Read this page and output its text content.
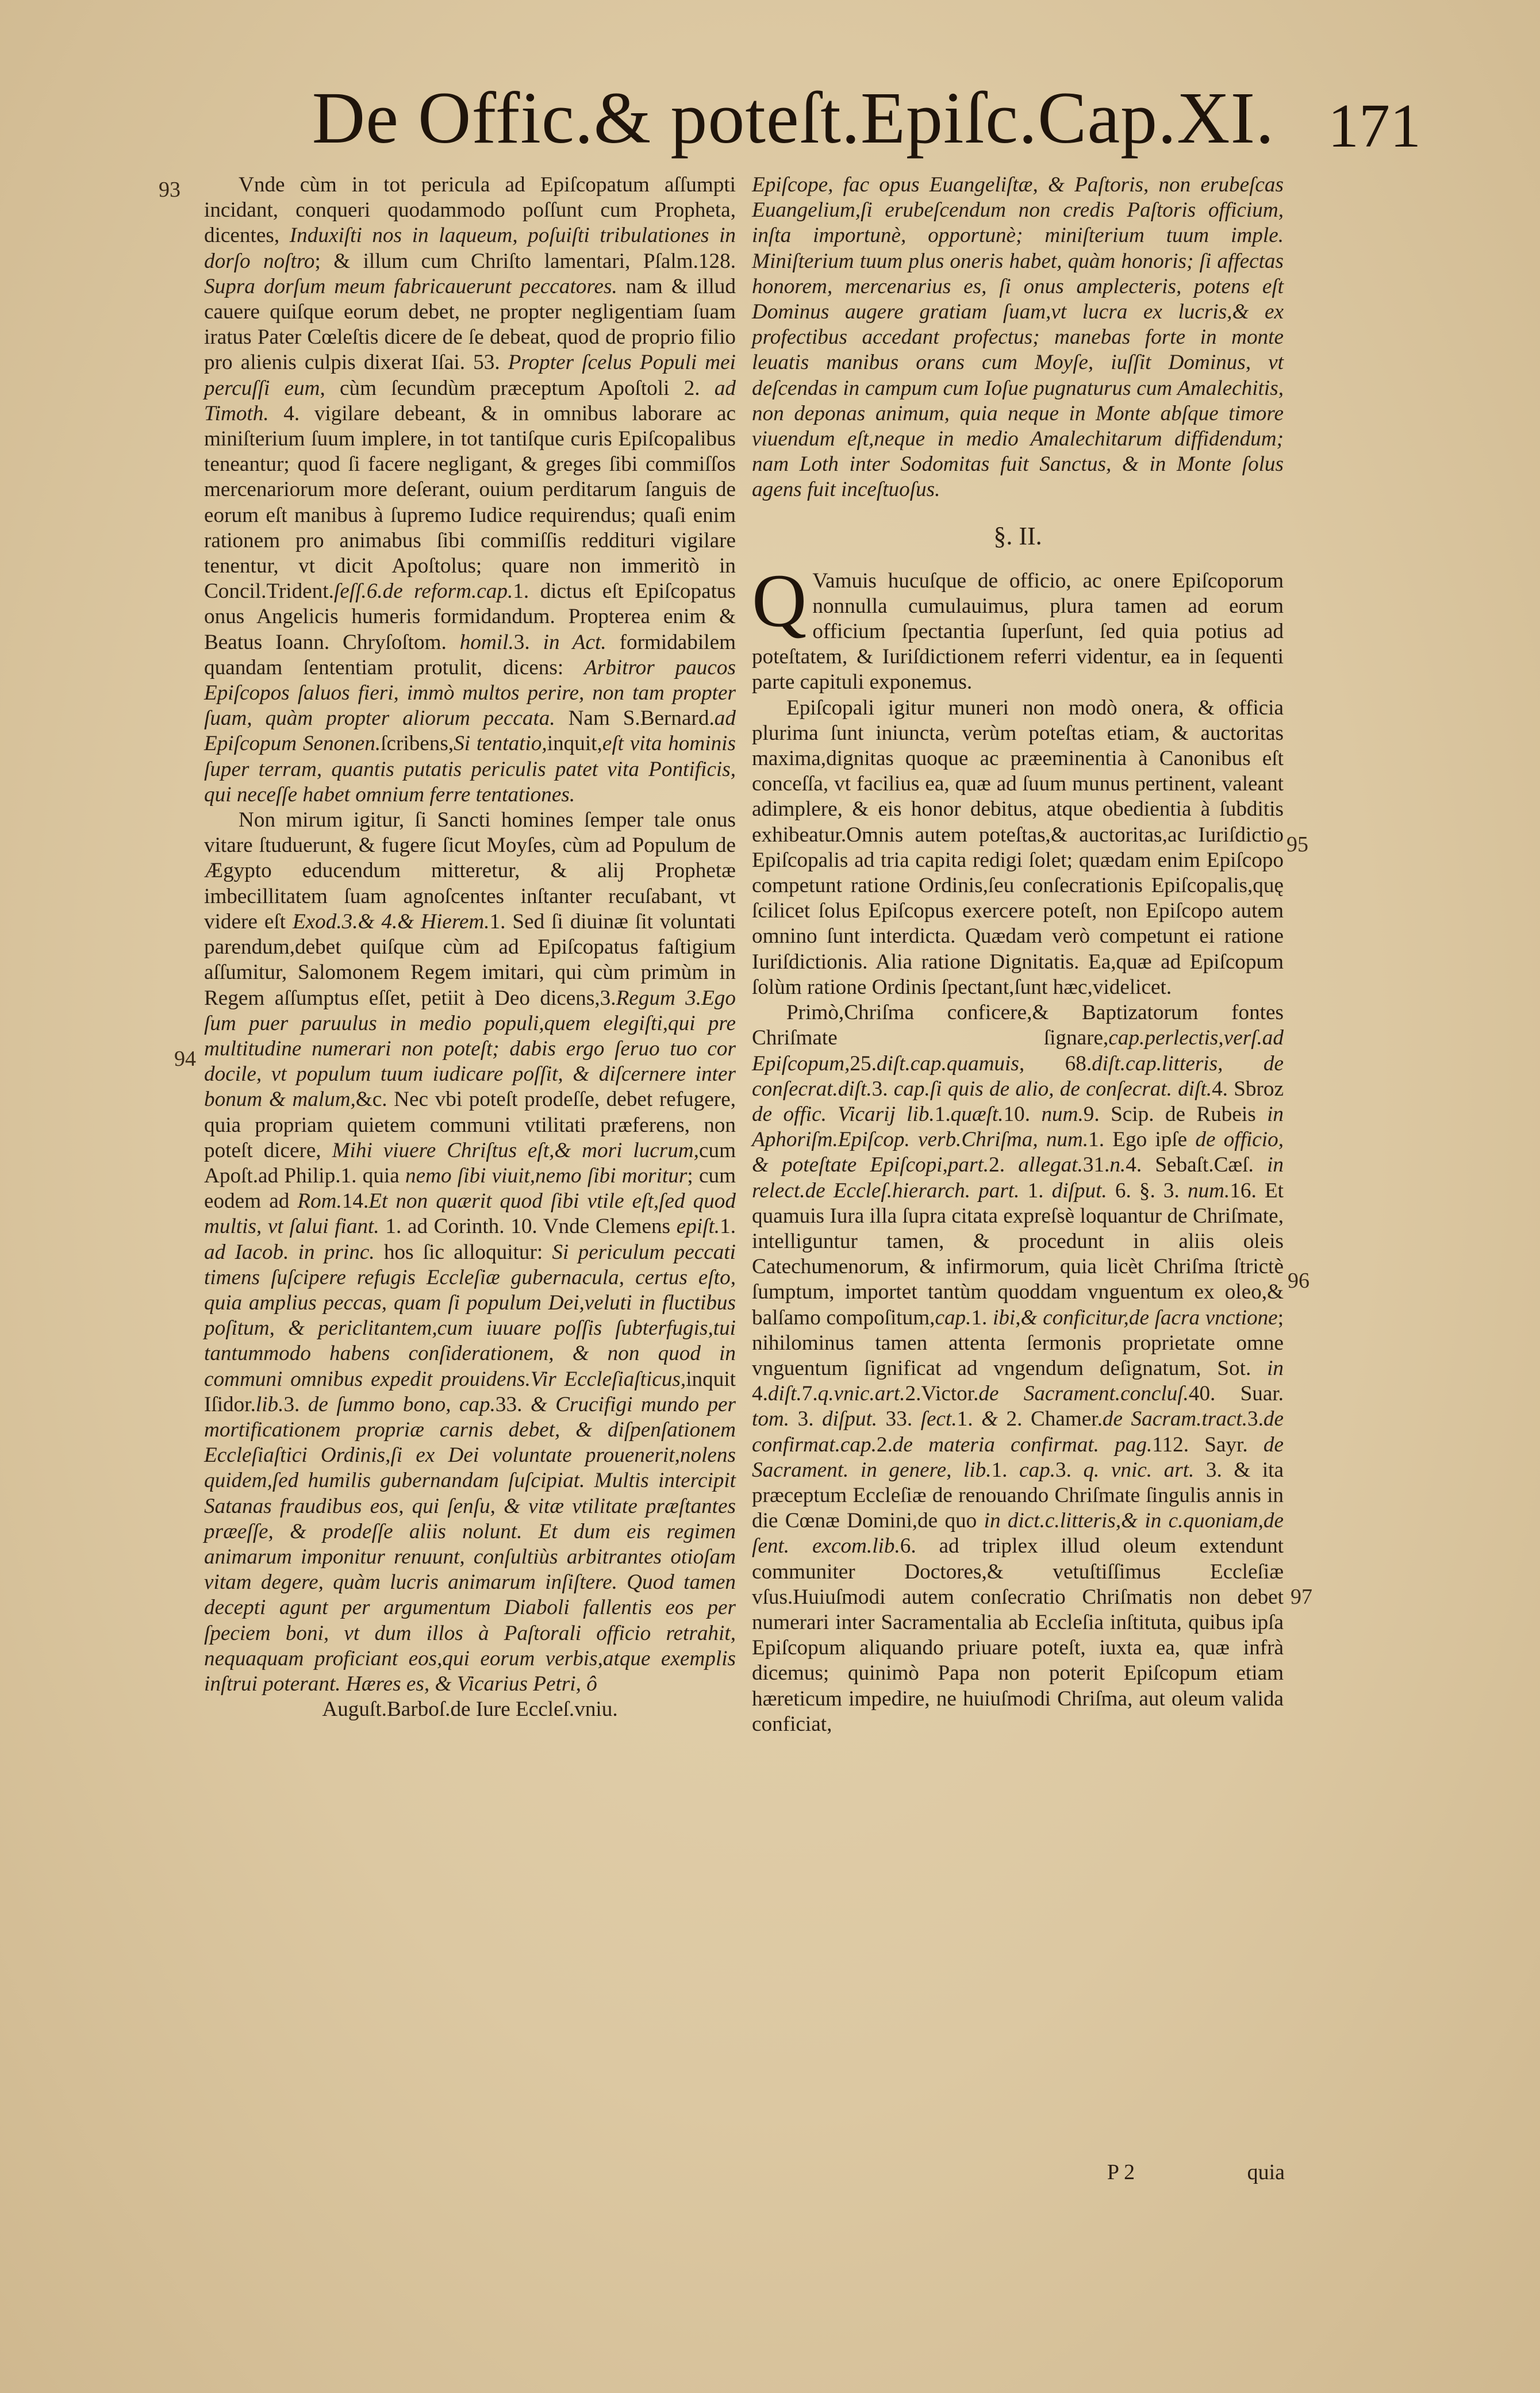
De Offic.& poteſt.Epiſc.Cap.XI. 171
93
94
95
96
97

Vnde cùm in tot pericula ad Epiſcopatum aſſumpti incidant, conqueri quodammodo poſſunt cum Propheta, dicentes, Induxiſti nos in laqueum, poſuiſti tribulationes in dorſo noſtro; & illum cum Chriſto lamentari, Pſalm.128. Supra dorſum meum fabricauerunt peccatores. nam & illud cauere quiſque eorum debet, ne propter negligentiam ſuam iratus Pater Cœleſtis dicere de ſe debeat, quod de proprio filio pro alienis culpis dixerat Iſai. 53. Propter ſcelus Populi mei percuſſi eum, cùm ſecundùm præceptum Apoſtoli 2. ad Timoth. 4. vigilare debeant, & in omnibus laborare ac miniſterium ſuum implere, in tot tantiſque curis Epiſcopalibus teneantur; quod ſi facere negligant, & greges ſibi commiſſos mercenariorum more deſerant, ouium perditarum ſanguis de eorum eſt manibus à ſupremo Iudice requirendus; quaſi enim rationem pro animabus ſibi commiſſis reddituri vigilare tenentur, vt dicit Apoſtolus; quare non immeritò in Concil.Trident.ſeſſ.6.de reform.cap.1. dictus eſt Epiſcopatus onus Angelicis humeris formidandum. Propterea enim & Beatus Ioann. Chryſoſtom. homil.3. in Act. formidabilem quandam ſententiam protulit, dicens: Arbitror paucos Epiſcopos ſaluos fieri, immò multos perire, non tam propter ſuam, quàm propter aliorum peccata. Nam S.Bernard.ad Epiſcopum Senonen.ſcribens,Si tentatio,inquit,eſt vita hominis ſuper terram, quantis putatis periculis patet vita Pontificis, qui neceſſe habet omnium ferre tentationes.

Non mirum igitur, ſi Sancti homines ſemper tale onus vitare ſtuduerunt, & fugere ſicut Moyſes, cùm ad Populum de Ægypto educendum mitteretur, & alij Prophetæ imbecillitatem ſuam agnoſcentes inſtanter recuſabant, vt videre eſt Exod.3.& 4.& Hierem.1. Sed ſi diuinæ ſit voluntati parendum,debet quiſque cùm ad Epiſcopatus faſtigium aſſumitur, Salomonem Regem imitari, qui cùm primùm in Regem aſſumptus eſſet, petiit à Deo dicens,3.Regum 3.Ego ſum puer paruulus in medio populi,quem elegiſti,qui pre multitudine numerari non poteſt; dabis ergo ſeruo tuo cor docile, vt populum tuum iudicare poſſit, & diſcernere inter bonum & malum,&c. Nec vbi poteſt prodeſſe, debet refugere, quia propriam quietem communi vtilitati præferens, non poteſt dicere, Mihi viuere Chriſtus eſt,& mori lucrum,cum Apoſt.ad Philip.1. quia nemo ſibi viuit,nemo ſibi moritur; cum eodem ad Rom.14.Et non quærit quod ſibi vtile eſt,ſed quod multis, vt ſalui fiant. 1. ad Corinth. 10. Vnde Clemens epiſt.1. ad Iacob. in princ. hos ſic alloquitur: Si periculum peccati timens ſuſcipere refugis Eccleſiæ gubernacula, certus eſto, quia amplius peccas, quam ſi populum Dei,veluti in fluctibus poſitum, & periclitantem,cum iuuare poſſis ſubterfugis,tui tantummodo habens conſiderationem, & non quod in communi omnibus expedit prouidens.Vir Eccleſiaſticus,inquit Iſidor.lib.3. de ſummo bono, cap.33. & Crucifigi mundo per mortificationem propriæ carnis debet, & diſpenſationem Eccleſiaſtici Ordinis,ſi ex Dei voluntate prouenerit,nolens quidem,ſed humilis gubernandam ſuſcipiat. Multis intercipit Satanas fraudibus eos, qui ſenſu, & vitæ vtilitate præſtantes præeſſe, & prodeſſe aliis nolunt. Et dum eis regimen animarum imponitur renuunt, conſultiùs arbitrantes otioſam vitam degere, quàm lucris animarum inſiſtere. Quod tamen decepti agunt per argumentum Diaboli fallentis eos per ſpeciem boni, vt dum illos à Paſtorali officio retrahit, nequaquam proficiant eos,qui eorum verbis,atque exemplis inſtrui poterant. Hæres es, & Vicarius Petri, ô

Auguſt.Barboſ.de Iure Eccleſ.vniu.

Epiſcope, fac opus Euangeliſtæ, & Paſtoris, non erubeſcas Euangelium,ſi erubeſcendum non credis Paſtoris officium, inſta importunè, opportunè; miniſterium tuum imple. Miniſterium tuum plus oneris habet, quàm honoris; ſi affectas honorem, mercenarius es, ſi onus amplecteris, potens eſt Dominus augere gratiam ſuam,vt lucra ex lucris,& ex profectibus accedant profectus; manebas forte in monte leuatis manibus orans cum Moyſe, iuſſit Dominus, vt deſcendas in campum cum Ioſue pugnaturus cum Amalechitis, non deponas animum, quia neque in Monte abſque timore viuendum eſt,neque in medio Amalechitarum diffidendum; nam Loth inter Sodomitas fuit Sanctus, & in Monte ſolus agens fuit inceſtuoſus.

§. II.

Q Vamuis hucuſque de officio, ac onere Epiſcoporum nonnulla cumulauimus, plura tamen ad eorum officium ſpectantia ſuperſunt, ſed quia potius ad poteſtatem, & Iuriſdictionem referri videntur, ea in ſequenti parte capituli exponemus.

Epiſcopali igitur muneri non modò onera, & officia plurima ſunt iniuncta, verùm poteſtas etiam, & auctoritas maxima,dignitas quoque ac præeminentia à Canonibus eſt conceſſa, vt facilius ea, quæ ad ſuum munus pertinent, valeant adimplere, & eis honor debitus, atque obedientia à ſubditis exhibeatur.Omnis autem poteſtas,& auctoritas,ac Iuriſdictio Epiſcopalis ad tria capita redigi ſolet; quædam enim Epiſcopo competunt ratione Ordinis,ſeu conſecrationis Epiſcopalis,quę ſcilicet ſolus Epiſcopus exercere poteſt, non Epiſcopo autem omnino ſunt interdicta. Quædam verò competunt ei ratione Iuriſdictionis. Alia ratione Dignitatis. Ea,quæ ad Epiſcopum ſolùm ratione Ordinis ſpectant,ſunt hæc,videlicet.

Primò,Chriſma conficere,& Baptizatorum fontes Chriſmate ſignare,cap.perlectis,verſ.ad Epiſcopum,25.diſt.cap.quamuis, 68.diſt.cap.litteris, de conſecrat.diſt.3. cap.ſi quis de alio, de conſecrat. diſt.4. Sbroz de offic. Vicarij lib.1.quæſt.10. num.9. Scip. de Rubeis in Aphoriſm.Epiſcop. verb.Chriſma, num.1. Ego ipſe de officio, & poteſtate Epiſcopi,part.2. allegat.31.n.4. Sebaſt.Cæſ. in relect.de Eccleſ.hierarch. part. 1. diſput. 6. §. 3. num.16. Et quamuis Iura illa ſupra citata expreſsè loquantur de Chriſmate, intelliguntur tamen, & procedunt in aliis oleis Catechumenorum, & infirmorum, quia licèt Chriſma ſtrictè ſumptum, importet tantùm quoddam vnguentum ex oleo,& balſamo compoſitum,cap.1. ibi,& conficitur,de ſacra vnctione; nihilominus tamen attenta ſermonis proprietate omne vnguentum ſignificat ad vngendum deſignatum, Sot. in 4.diſt.7.q.vnic.art.2.Victor.de Sacrament.concluſ.40. Suar. tom. 3. diſput. 33. ſect.1. & 2. Chamer.de Sacram.tract.3.de confirmat.cap.2.de materia confirmat. pag.112. Sayr. de Sacrament. in genere, lib.1. cap.3. q. vnic. art. 3. & ita præceptum Eccleſiæ de renouando Chriſmate ſingulis annis in die Cœnæ Domini,de quo in dict.c.litteris,& in c.quoniam,de ſent. excom.lib.6. ad triplex illud oleum extendunt communiter Doctores,& vetuſtiſſimus Eccleſiæ vſus.Huiuſmodi autem conſecratio Chriſmatis non debet numerari inter Sacramentalia ab Eccleſia inſtituta, quibus ipſa Epiſcopum aliquando priuare poteſt, iuxta ea, quæ infrà dicemus; quinimò Papa non poterit Epiſcopum etiam hæreticum impedire, ne huiuſmodi Chriſma, aut oleum valida conficiat,

P 2	quia
